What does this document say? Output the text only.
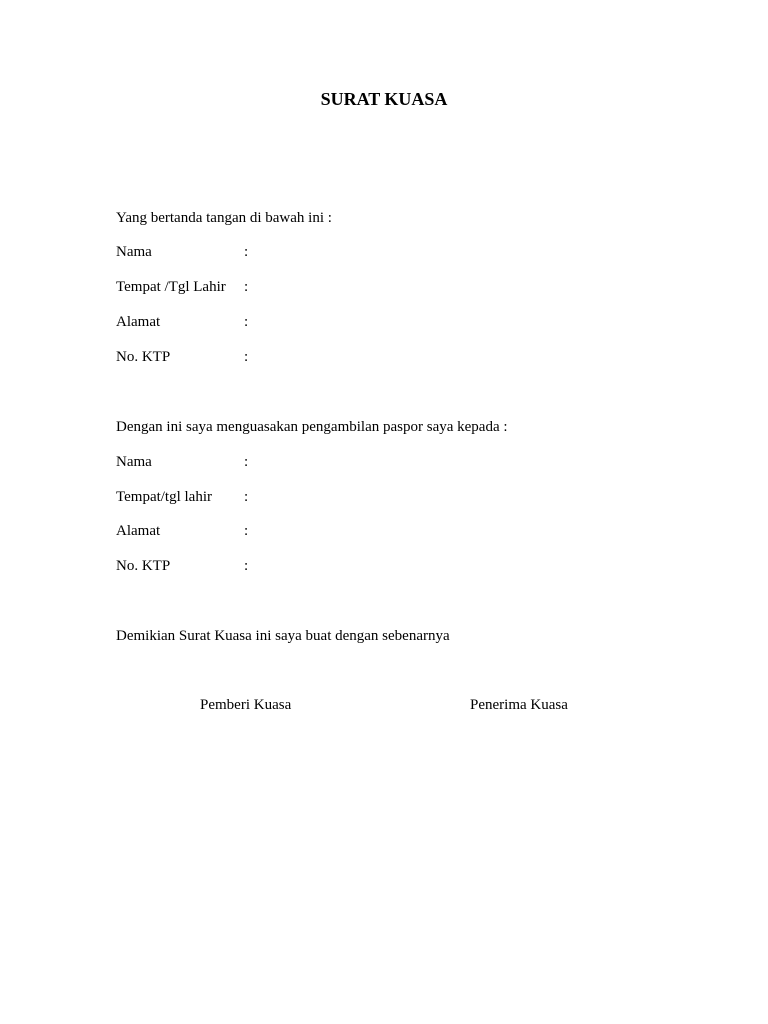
SURAT KUASA
Yang bertanda tangan di bawah ini :
Nama	:
Tempat /Tgl Lahir :
Alamat	:
No. KTP	:
Dengan ini saya menguasakan pengambilan paspor saya kepada :
Nama	:
Tempat/tgl lahir :
Alamat	:
No. KTP	:
Demikian Surat Kuasa ini saya buat dengan sebenarnya
Pemberi Kuasa	Penerima Kuasa
